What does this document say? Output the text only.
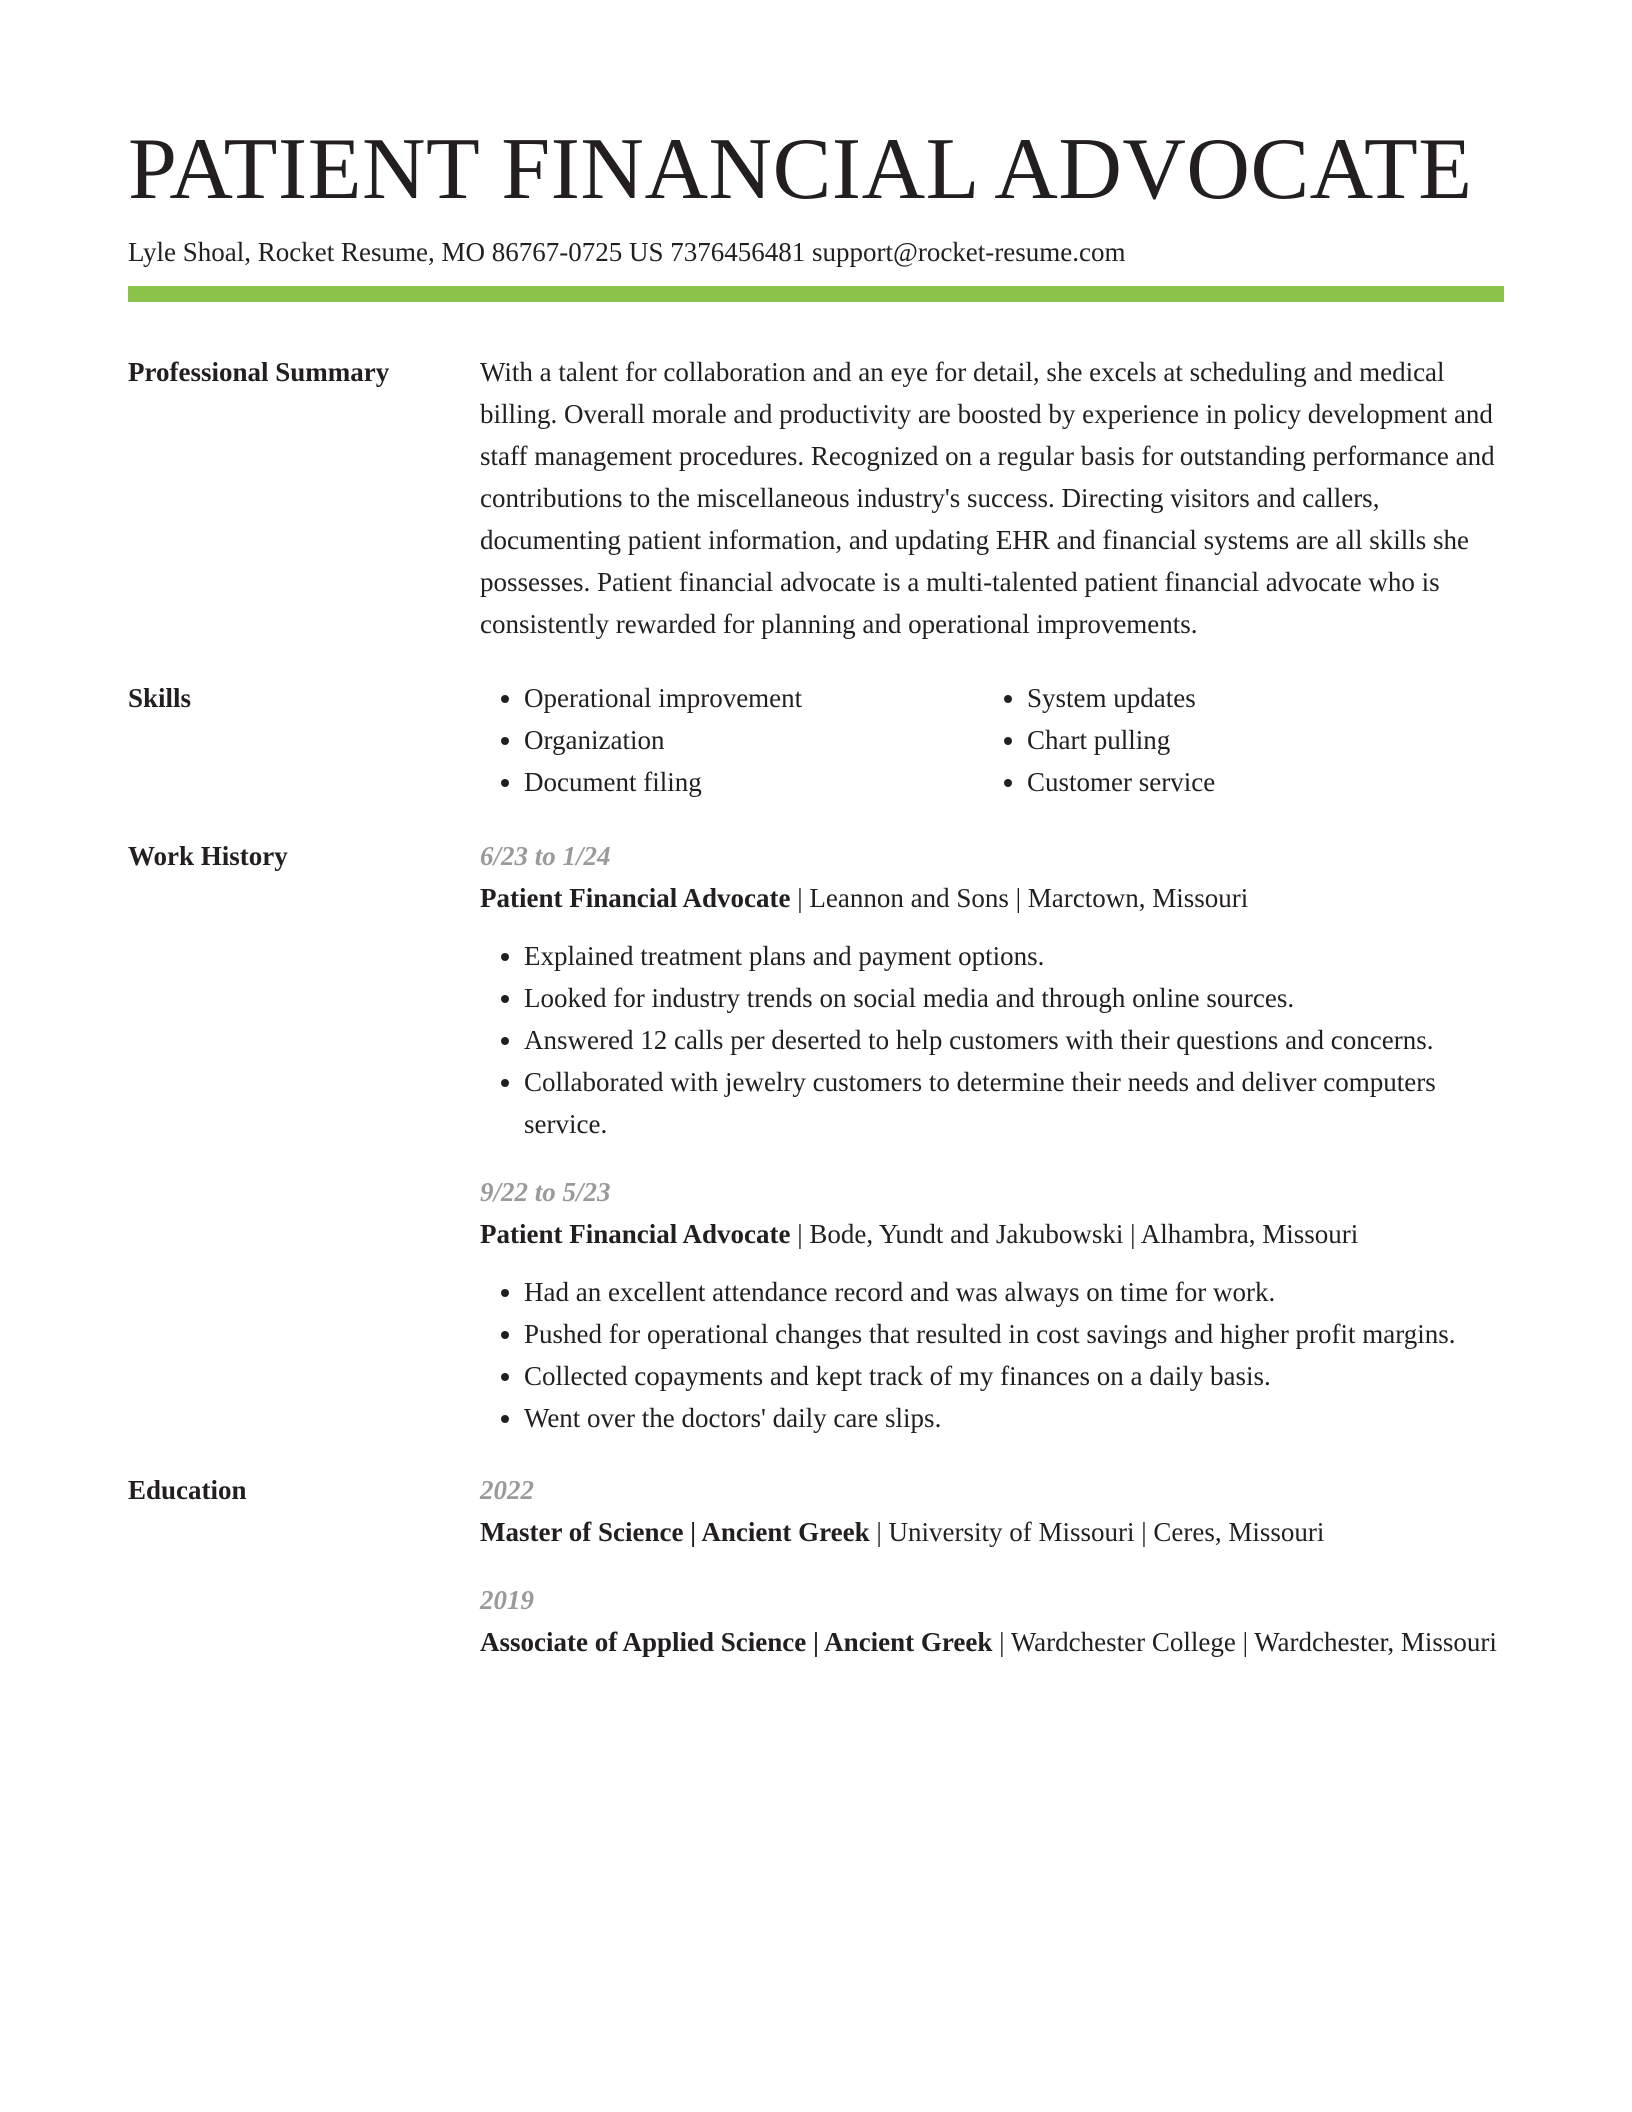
PATIENT FINANCIAL ADVOCATE
Lyle Shoal, Rocket Resume, MO 86767-0725 US 7376456481 support@rocket-resume.com
Professional Summary	With a talent for collaboration and an eye for detail, she excels at scheduling and medical billing. Overall morale and productivity are boosted by experience in policy development and staff management procedures. Recognized on a regular basis for outstanding performance and contributions to the miscellaneous industry's success. Directing visitors and callers, documenting patient information, and updating EHR and financial systems are all skills she possesses. Patient financial advocate is a multi-talented patient financial advocate who is consistently rewarded for planning and operational improvements.

Skills
•	Operational improvement
• Organization
• Document filing
• System updates
• Chart pulling
• Customer service
Work History	6/23 to 1/24
Patient Financial Advocate | Leannon and Sons | Marctown, Missouri
• Explained treatment plans and payment options.
• Looked for industry trends on social media and through online sources.
• Answered 12 calls per deserted to help customers with their questions and concerns.
• Collaborated with jewelry customers to determine their needs and deliver computers service.
9/22 to 5/23
Patient Financial Advocate | Bode, Yundt and Jakubowski | Alhambra, Missouri
• Had an excellent attendance record and was always on time for work.
• Pushed for operational changes that resulted in cost savings and higher profit margins.
• Collected copayments and kept track of my finances on a daily basis.
• Went over the doctors' daily care slips.
Education	2022
Master of Science | Ancient Greek | University of Missouri | Ceres, Missouri
2019
Associate of Applied Science | Ancient Greek | Wardchester College | Wardchester, Missouri
